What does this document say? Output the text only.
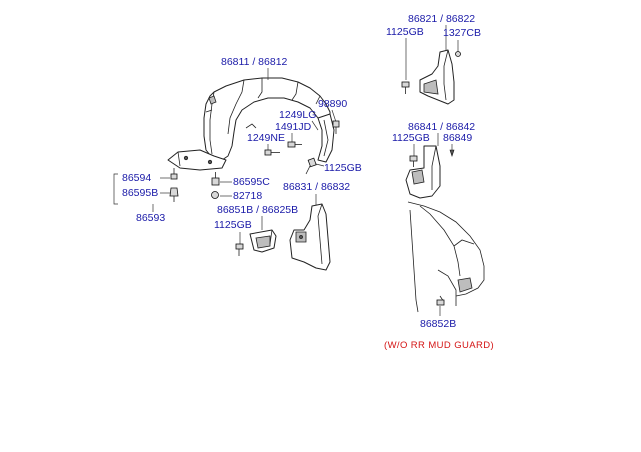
86811 / 86812
98890
1249LG
1491JD
1249NE
1125GB
86594
86595B
86593
86595C
82718
86831 / 86832
86851B / 86825B
1125GB
86821 / 86822
1125GB 1327CB
86841 / 86842
1125GB 86849
86852B
(W/O RR MUD GUARD)
